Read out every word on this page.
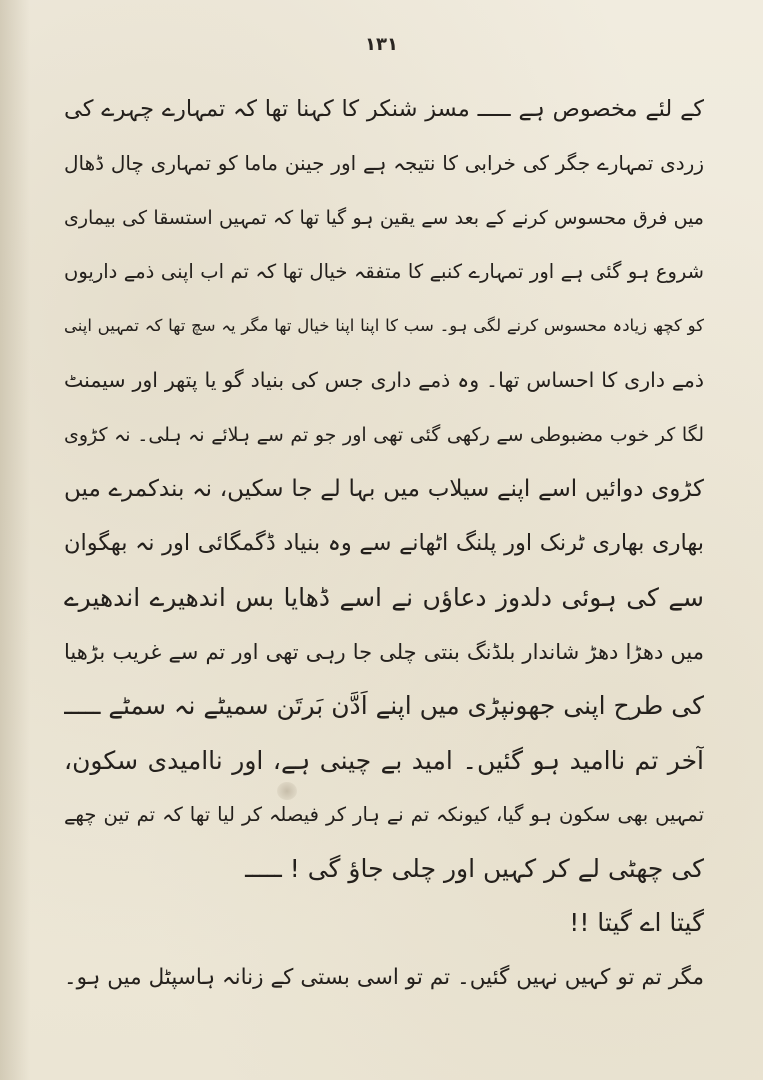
۱۳۱
کے لئے مخصوص ہے ـــــ مسز شنکر کا کہنا تھا کہ تمہارے چہرے کی
زردی تمہارے جگر کی خرابی کا نتیجہ ہے اور جینن ماما کو تمہاری چال ڈھال
میں فرق محسوس کرنے کے بعد سے یقین ہو گیا تھا کہ تمہیں استسقا کی بیماری
شروع ہو گئی ہے اور تمہارے کنبے کا متفقہ خیال تھا کہ تم اب اپنی ذمے داریوں
کو کچھ زیادہ محسوس کرنے لگی ہو۔ سب کا اپنا اپنا خیال تھا مگر یہ سچ تھا کہ تمہیں اپنی
ذمے داری کا احساس تھا۔ وہ ذمے داری جس کی بنیاد گو یا پتھر اور سیمنٹ
لگا کر خوب مضبوطی سے رکھی گئی تھی اور جو تم سے ہلائے نہ ہلی۔ نہ کڑوی
کڑوی دوائیں اسے اپنے سیلاب میں بہا لے جا سکیں، نہ بندکمرے میں
بھاری بھاری ٹرنک اور پلنگ اٹھانے سے وہ بنیاد ڈگمگائی اور نہ بھگوان
سے کی ہوئی دلدوز دعاؤں نے اسے ڈھایا بس اندھیرے اندھیرے
میں دھڑا دھڑ شاندار بلڈنگ بنتی چلی جا رہی تھی اور تم سے غریب بڑھیا
کی طرح اپنی جھونپڑی میں اپنے اَدَّن بَرتَن سمیٹے نہ سمٹے ـــــ
آخر تم ناامید ہو گئیں۔ امید بے چینی ہے، اور ناامیدی سکون،
تمہیں بھی سکون ہو گیا، کیونکہ تم نے ہار کر فیصلہ کر لیا تھا کہ تم تین چھے
کی چھٹی لے کر کہیں اور چلی جاؤ گی ! ـــــ
گیتا اے گیتا !!
مگر تم تو کہیں نہیں گئیں۔ تم تو اسی بستی کے زنانہ ہاسپٹل میں ہو۔
